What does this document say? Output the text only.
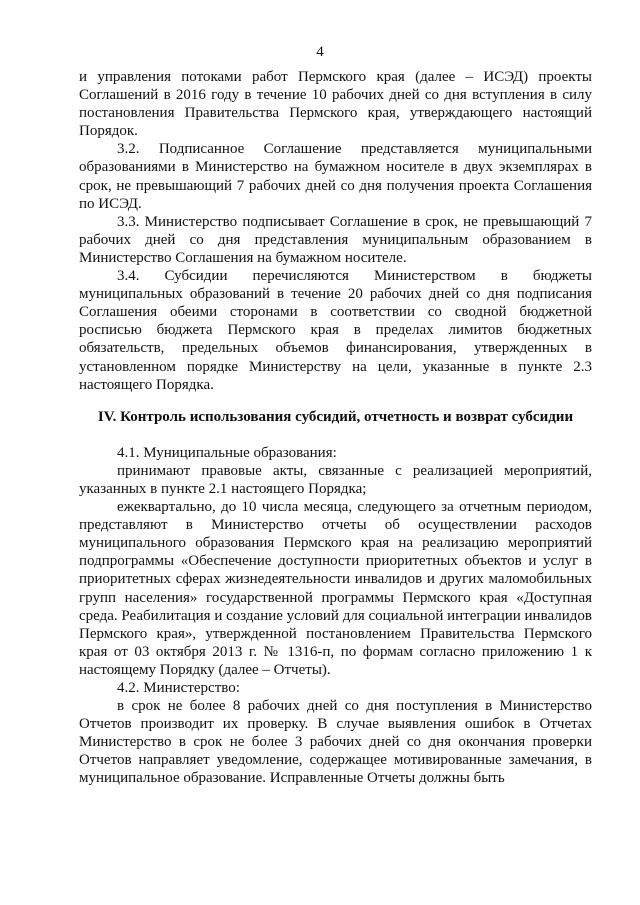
4

и управления потоками работ Пермского края (далее – ИСЭД) проекты Соглашений в 2016 году в течение 10 рабочих дней со дня вступления в силу постановления Правительства Пермского края, утверждающего настоящий Порядок.

3.2. Подписанное Соглашение представляется муниципальными образованиями в Министерство на бумажном носителе в двух экземплярах в срок, не превышающий 7 рабочих дней со дня получения проекта Соглашения по ИСЭД.

3.3. Министерство подписывает Соглашение в срок, не превышающий 7 рабочих дней со дня представления муниципальным образованием в Министерство Соглашения на бумажном носителе.

3.4. Субсидии перечисляются Министерством в бюджеты муниципальных образований в течение 20 рабочих дней со дня подписания Соглашения обеими сторонами в соответствии со сводной бюджетной росписью бюджета Пермского края в пределах лимитов бюджетных обязательств, предельных объемов финансирования, утвержденных в установленном порядке Министерству на цели, указанные в пункте 2.3 настоящего Порядка.

IV. Контроль использования субсидий, отчетность и возврат субсидии

4.1. Муниципальные образования:

принимают правовые акты, связанные с реализацией мероприятий, указанных в пункте 2.1 настоящего Порядка;

ежеквартально, до 10 числа месяца, следующего за отчетным периодом, представляют в Министерство отчеты об осуществлении расходов муниципального образования Пермского края на реализацию мероприятий подпрограммы «Обеспечение доступности приоритетных объектов и услуг в приоритетных сферах жизнедеятельности инвалидов и других маломобильных групп населения» государственной программы Пермского края «Доступная среда. Реабилитация и создание условий для социальной интеграции инвалидов Пермского края», утвержденной постановлением Правительства Пермского края от 03 октября 2013 г. № 1316-п, по формам согласно приложению 1 к настоящему Порядку (далее – Отчеты).

4.2. Министерство:

в срок не более 8 рабочих дней со дня поступления в Министерство Отчетов производит их проверку. В случае выявления ошибок в Отчетах Министерство в срок не более 3 рабочих дней со дня окончания проверки Отчетов направляет уведомление, содержащее мотивированные замечания, в муниципальное образование. Исправленные Отчеты должны быть
